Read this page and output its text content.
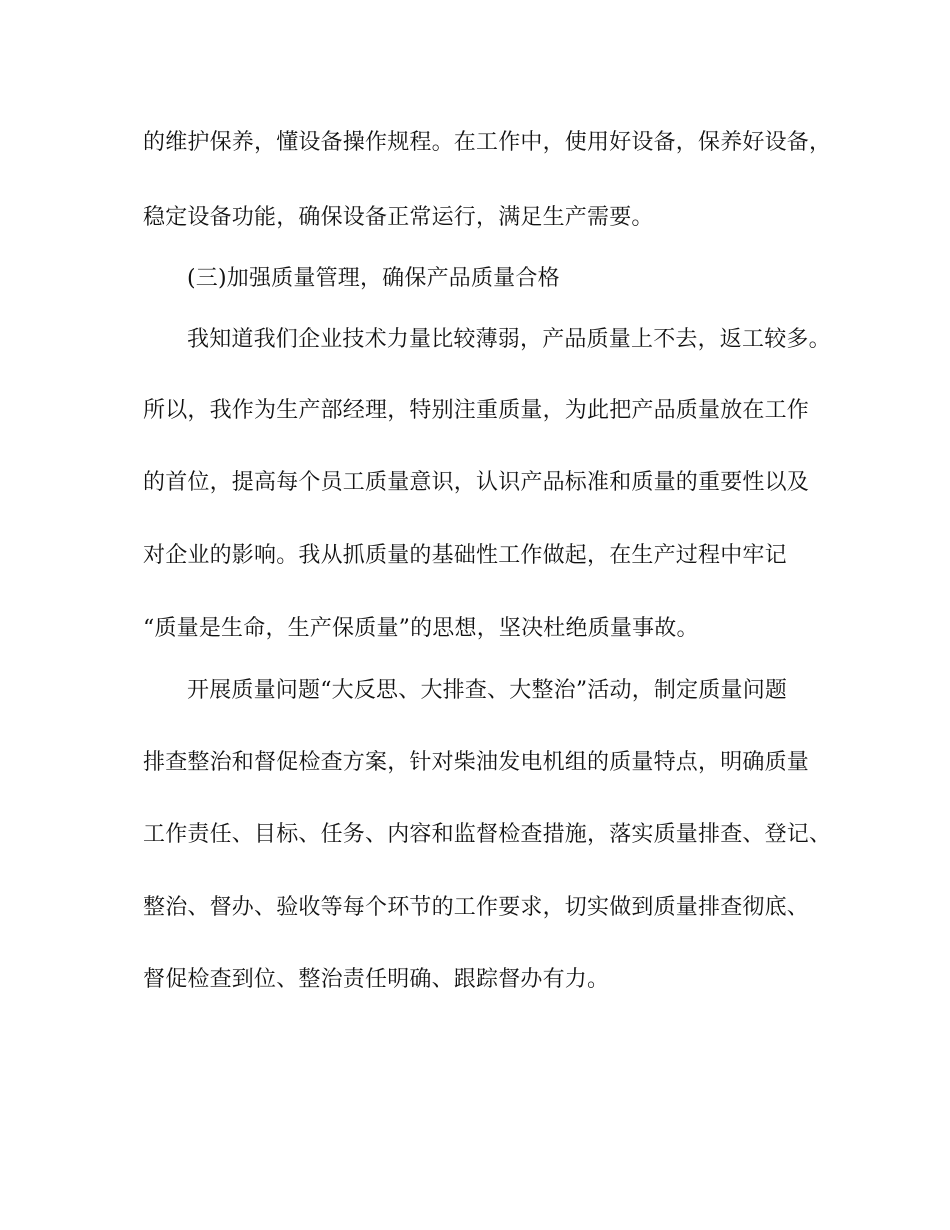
的维护保养，懂设备操作规程。在工作中，使用好设备，保养好设备，
稳定设备功能，确保设备正常运行，满足生产需要。
(三)加强质量管理，确保产品质量合格
我知道我们企业技术力量比较薄弱，产品质量上不去，返工较多。
所以，我作为生产部经理，特别注重质量，为此把产品质量放在工作
的首位，提高每个员工质量意识，认识产品标准和质量的重要性以及
对企业的影响。我从抓质量的基础性工作做起，在生产过程中牢记
“质量是生命，生产保质量”的思想，坚决杜绝质量事故。
开展质量问题“大反思、大排查、大整治”活动，制定质量问题
排查整治和督促检查方案，针对柴油发电机组的质量特点，明确质量
工作责任、目标、任务、内容和监督检查措施，落实质量排查、登记、
整治、督办、验收等每个环节的工作要求，切实做到质量排查彻底、
督促检查到位、整治责任明确、跟踪督办有力。
